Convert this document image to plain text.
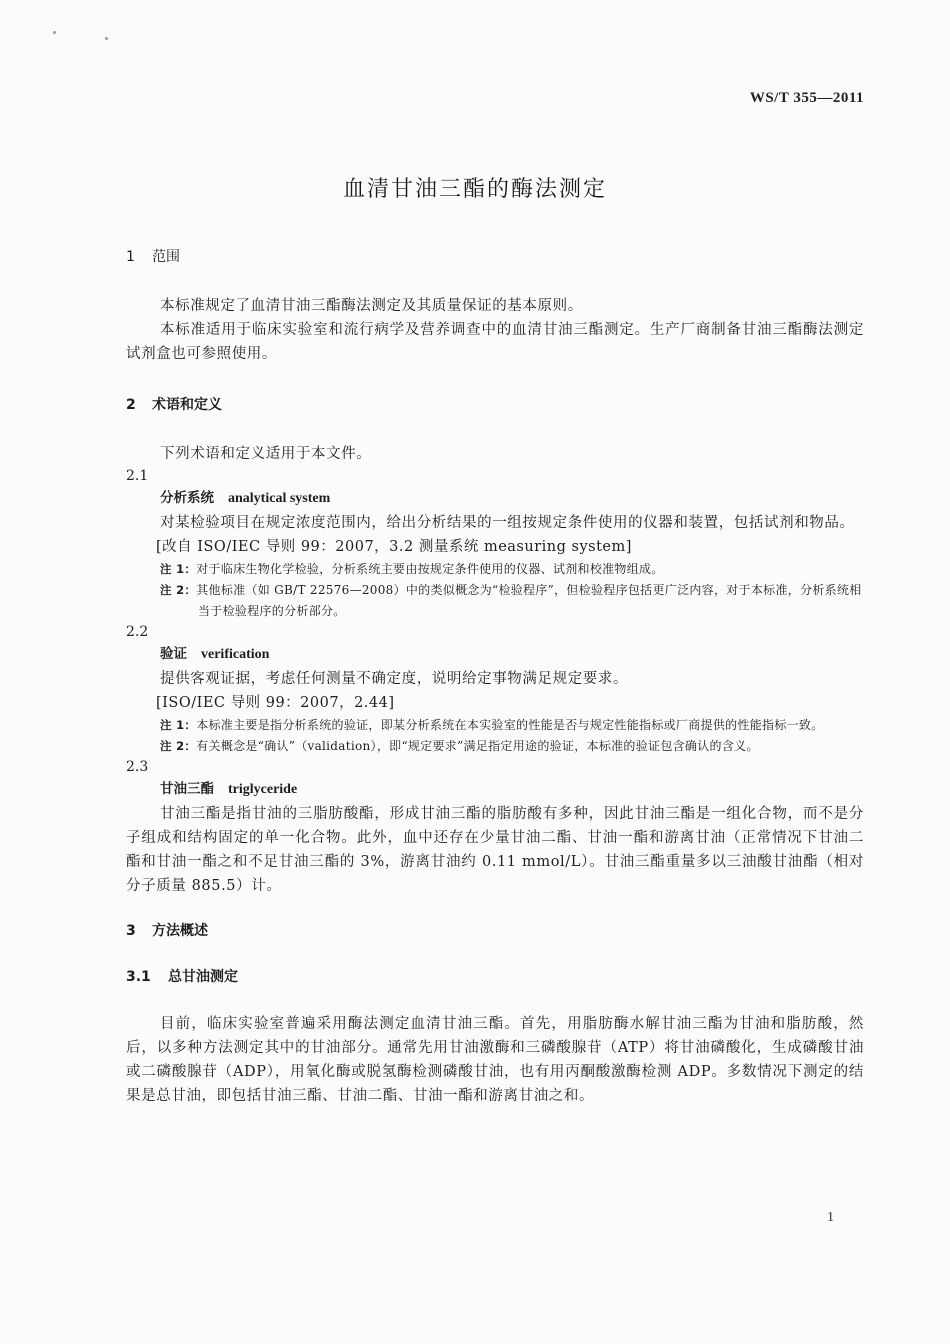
WS/T 355—2011
血清甘油三酯的酶法测定
1 范围

本标准规定了血清甘油三酯酶法测定及其质量保证的基本原则。

本标准适用于临床实验室和流行病学及营养调查中的血清甘油三酯测定。生产厂商制备甘油三酯酶法测定试剂盒也可参照使用。

2 术语和定义

下列术语和定义适用于本文件。

2.1
分析系统 analytical system

对某检验项目在规定浓度范围内，给出分析结果的一组按规定条件使用的仪器和装置，包括试剂和物品。

[改自 ISO/IEC 导则 99：2007，3.2 测量系统 measuring system]
注 1：对于临床生物化学检验，分析系统主要由按规定条件使用的仪器、试剂和校准物组成。
注 2：其他标准（如 GB/T 22576—2008）中的类似概念为“检验程序”，但检验程序包括更广泛内容，对于本标准，分析系统相当于检验程序的分析部分。
2.2
验证 verification

提供客观证据，考虑任何测量不确定度，说明给定事物满足规定要求。

[ISO/IEC 导则 99：2007，2.44]
注 1：本标准主要是指分析系统的验证，即某分析系统在本实验室的性能是否与规定性能指标或厂商提供的性能指标一致。
注 2：有关概念是“确认”（validation），即“规定要求”满足指定用途的验证，本标准的验证包含确认的含义。
2.3
甘油三酯 triglyceride

甘油三酯是指甘油的三脂肪酸酯，形成甘油三酯的脂肪酸有多种，因此甘油三酯是一组化合物，而不是分子组成和结构固定的单一化合物。此外，血中还存在少量甘油二酯、甘油一酯和游离甘油（正常情况下甘油二酯和甘油一酯之和不足甘油三酯的 3%，游离甘油约 0.11 mmol/L）。甘油三酯重量多以三油酸甘油酯（相对分子质量 885.5）计。

3 方法概述
3.1 总甘油测定

目前，临床实验室普遍采用酶法测定血清甘油三酯。首先，用脂肪酶水解甘油三酯为甘油和脂肪酸，然后，以多种方法测定其中的甘油部分。通常先用甘油激酶和三磷酸腺苷（ATP）将甘油磷酸化，生成磷酸甘油或二磷酸腺苷（ADP），用氧化酶或脱氢酶检测磷酸甘油，也有用丙酮酸激酶检测 ADP。多数情况下测定的结果是总甘油，即包括甘油三酯、甘油二酯、甘油一酯和游离甘油之和。

1
